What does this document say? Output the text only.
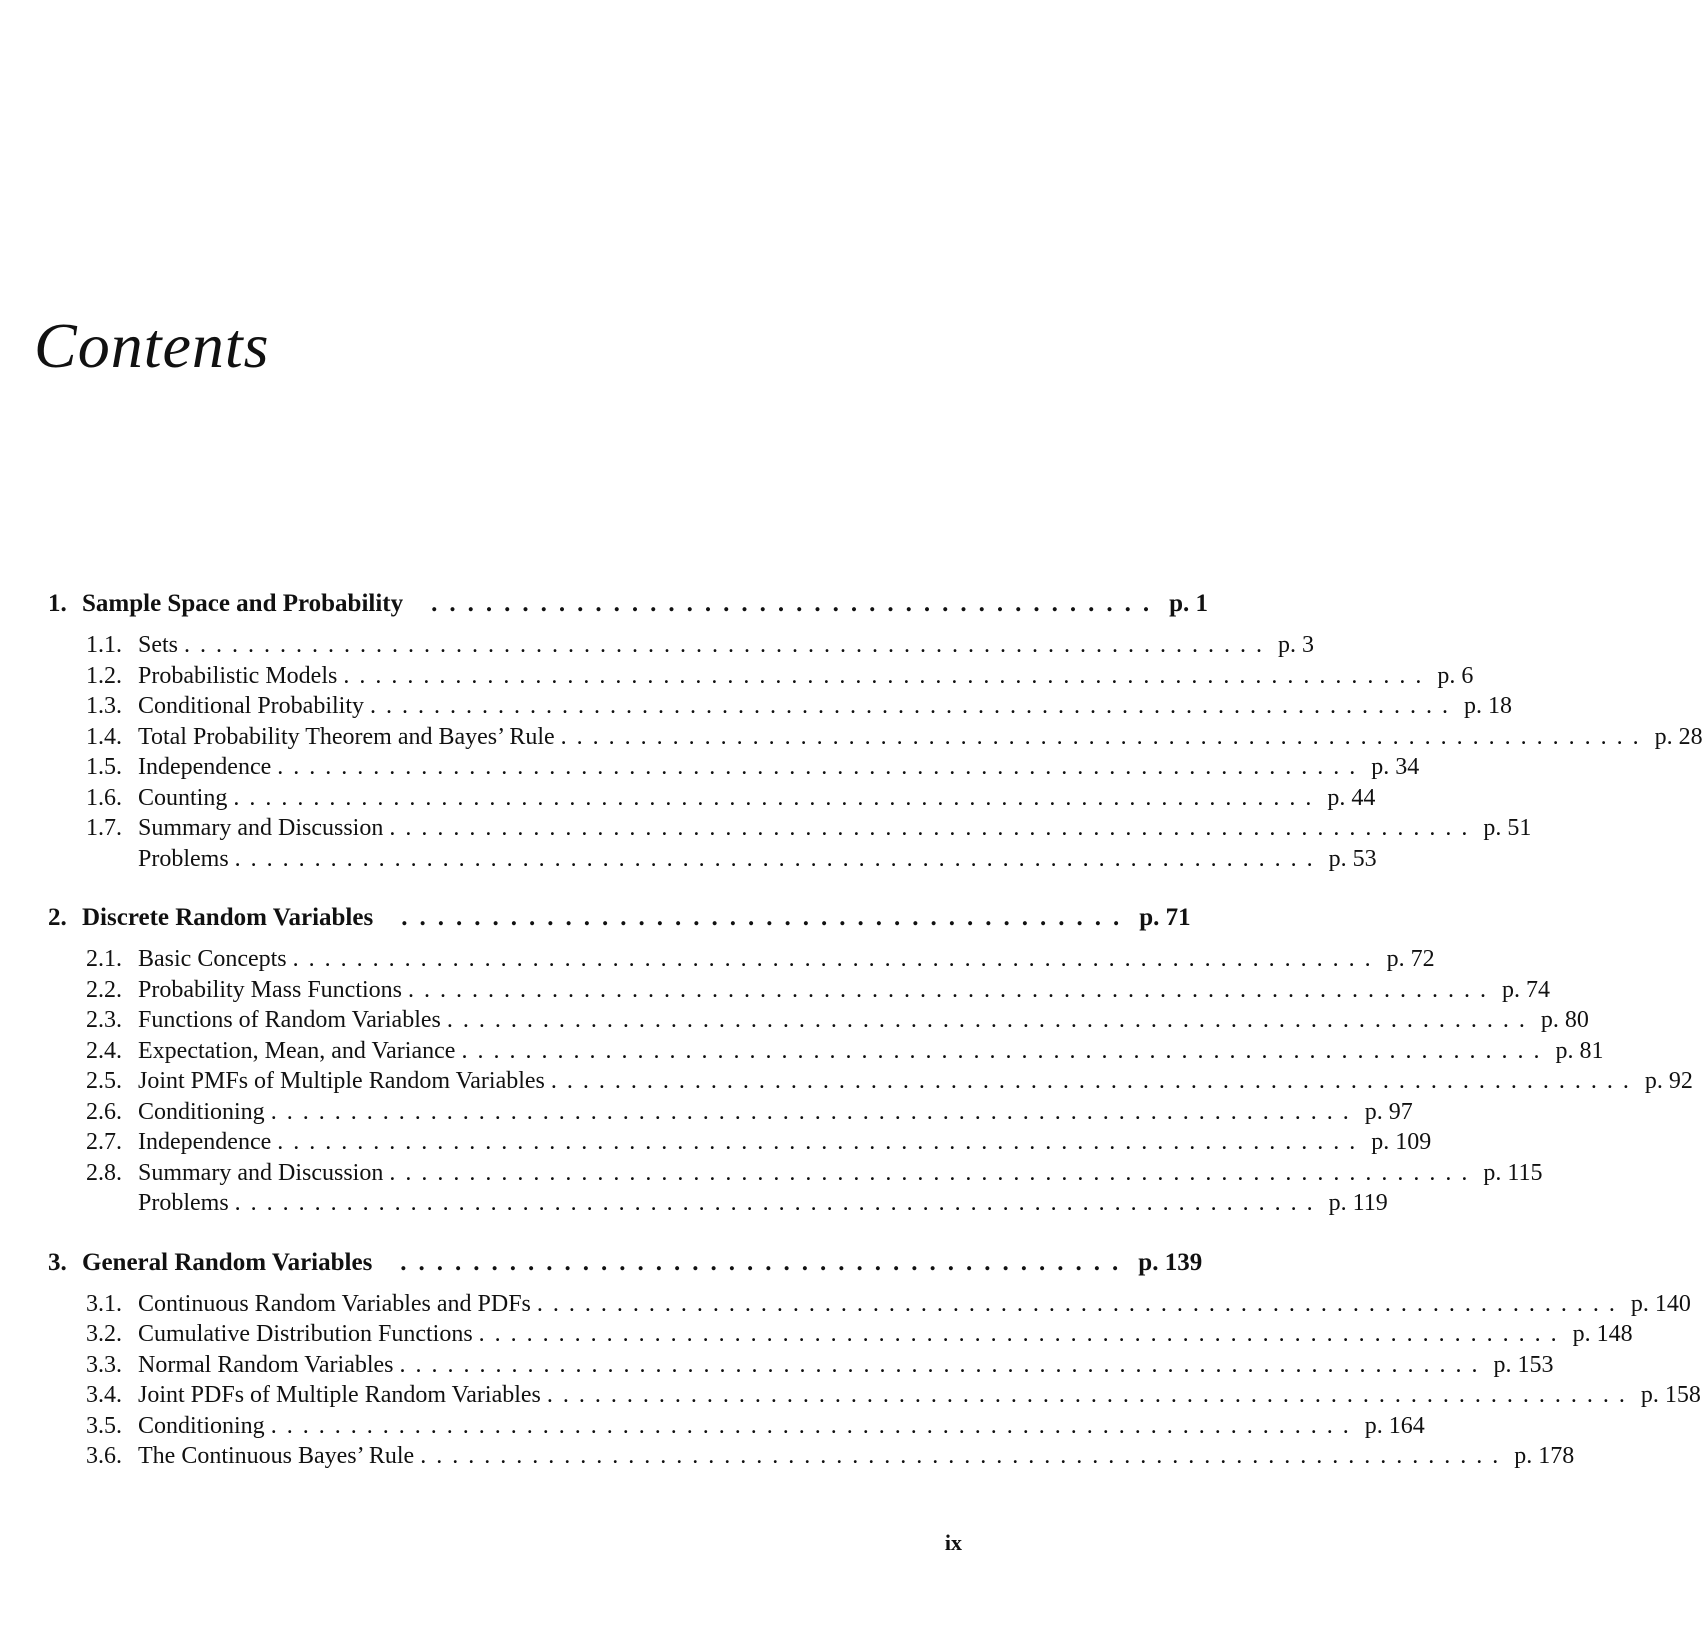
Contents
1. Sample Space and Probability ........................................ p. 1
1.1. Sets .................................................................... p. 3
1.2. Probabilistic Models .................................................................... p. 6
1.3. Conditional Probability .................................................................... p. 18
1.4. Total Probability Theorem and Bayes’ Rule .................................................................... p. 28
1.5. Independence .................................................................... p. 34
1.6. Counting .................................................................... p. 44
1.7. Summary and Discussion .................................................................... p. 51
Problems .................................................................... p. 53
2. Discrete Random Variables ........................................ p. 71
2.1. Basic Concepts .................................................................... p. 72
2.2. Probability Mass Functions .................................................................... p. 74
2.3. Functions of Random Variables .................................................................... p. 80
2.4. Expectation, Mean, and Variance .................................................................... p. 81
2.5. Joint PMFs of Multiple Random Variables .................................................................... p. 92
2.6. Conditioning .................................................................... p. 97
2.7. Independence .................................................................... p. 109
2.8. Summary and Discussion .................................................................... p. 115
Problems .................................................................... p. 119
3. General Random Variables ........................................ p. 139
3.1. Continuous Random Variables and PDFs .................................................................... p. 140
3.2. Cumulative Distribution Functions .................................................................... p. 148
3.3. Normal Random Variables .................................................................... p. 153
3.4. Joint PDFs of Multiple Random Variables .................................................................... p. 158
3.5. Conditioning .................................................................... p. 164
3.6. The Continuous Bayes’ Rule .................................................................... p. 178
ix
